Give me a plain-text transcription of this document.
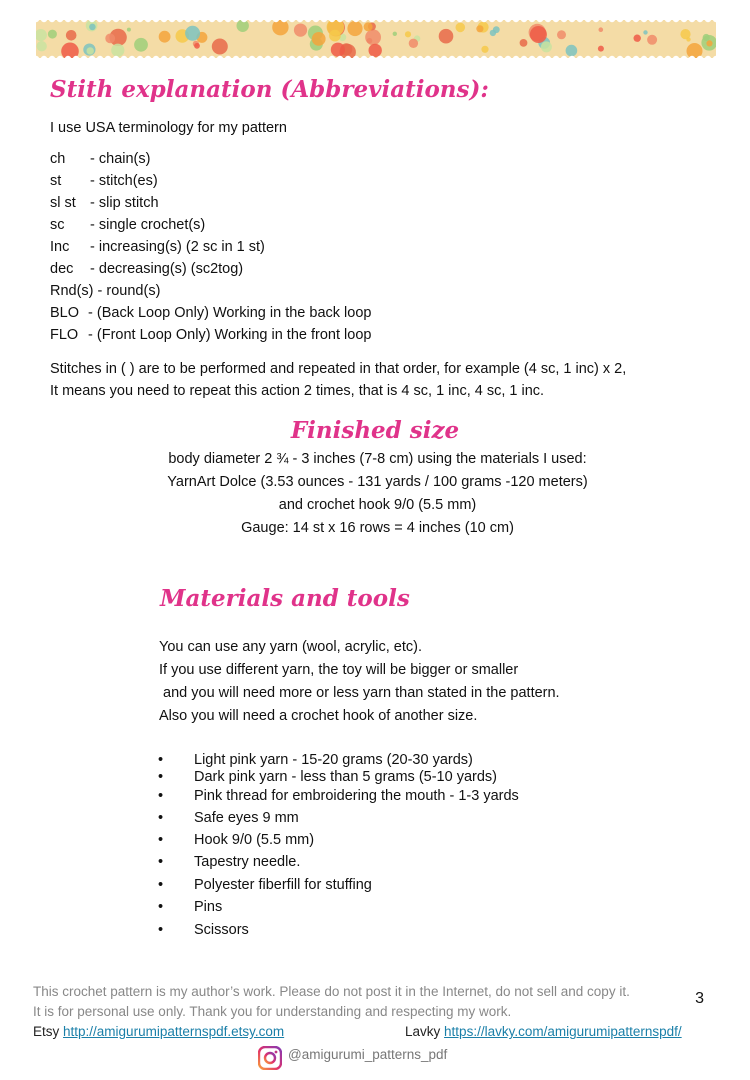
Stith explanation (Abbreviations):
I use USA terminology for my pattern
ch - chain(s)
st - stitch(es)
sl st - slip stitch
sc - single crochet(s)
Inc - increasing(s) (2 sc in 1 st)
dec - decreasing(s) (sc2tog)
Rnd(s) - round(s)
BLO - (Back Loop Only) Working in the back loop
FLO - (Front Loop Only) Working in the front loop
Stitches in ( ) are to be performed and repeated in that order, for example (4 sc, 1 inc) x 2,
It means you need to repeat this action 2 times, that is 4 sc, 1 inc, 4 sc, 1 inc.
Finished size
body diameter 2 ¾ - 3 inches (7-8 cm) using the materials I used:
YarnArt Dolce (3.53 ounces - 131 yards / 100 grams -120 meters)
and crochet hook 9/0 (5.5 mm)
Gauge: 14 st x 16 rows = 4 inches (10 cm)
Materials and tools
You can use any yarn (wool, acrylic, etc).
If you use different yarn, the toy will be bigger or smaller
and you will need more or less yarn than stated in the pattern.
Also you will need a crochet hook of another size.
•	Light pink yarn - 15-20 grams (20-30 yards)
•	Dark pink yarn - less than 5 grams (5-10 yards)
•	Pink thread for embroidering the mouth - 1-3 yards
•	Safe eyes 9 mm
•	Hook 9/0 (5.5 mm)
•	Tapestry needle.
•	Polyester fiberfill for stuffing
•	Pins
•	Scissors
This crochet pattern is my author’s work. Please do not post it in the Internet, do not sell and copy it.
It is for personal use only. Thank you for understanding and respecting my work.
3
Etsy http://amigurumipatternspdf.etsy.com	Lavky https://lavky.com/amigurumipatternspdf/
@amigurumi_patterns_pdf
